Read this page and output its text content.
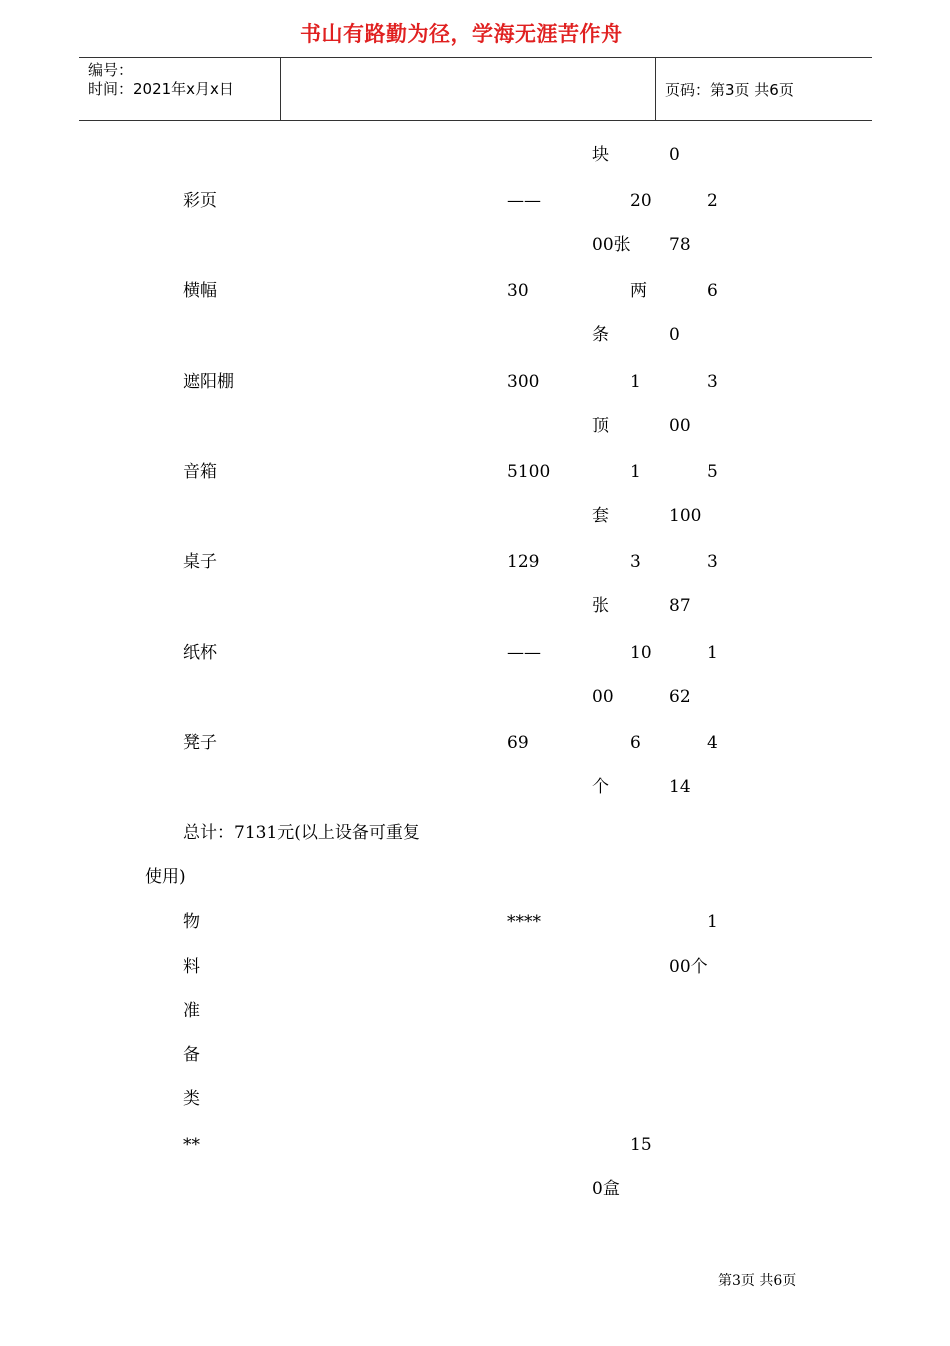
编号：
时间：2021年x月x日
书山有路勤为径，学海无涯苦作舟
页码：第3页 共6页
块	0
彩页	——	20	2
00张 78
横幅	30	两	6
条	0
遮阳棚	300	1	3
顶	00
音箱	5100	1	5
套	100
桌子	129	3	3
张	87
纸杯	——	10	1
00	62
凳子	69	6	4
个	14
总计：7131元(以上设备可重复
使用)
物	****	1
料	00个
准
备
类
**	15
0盒
第3页 共6页
